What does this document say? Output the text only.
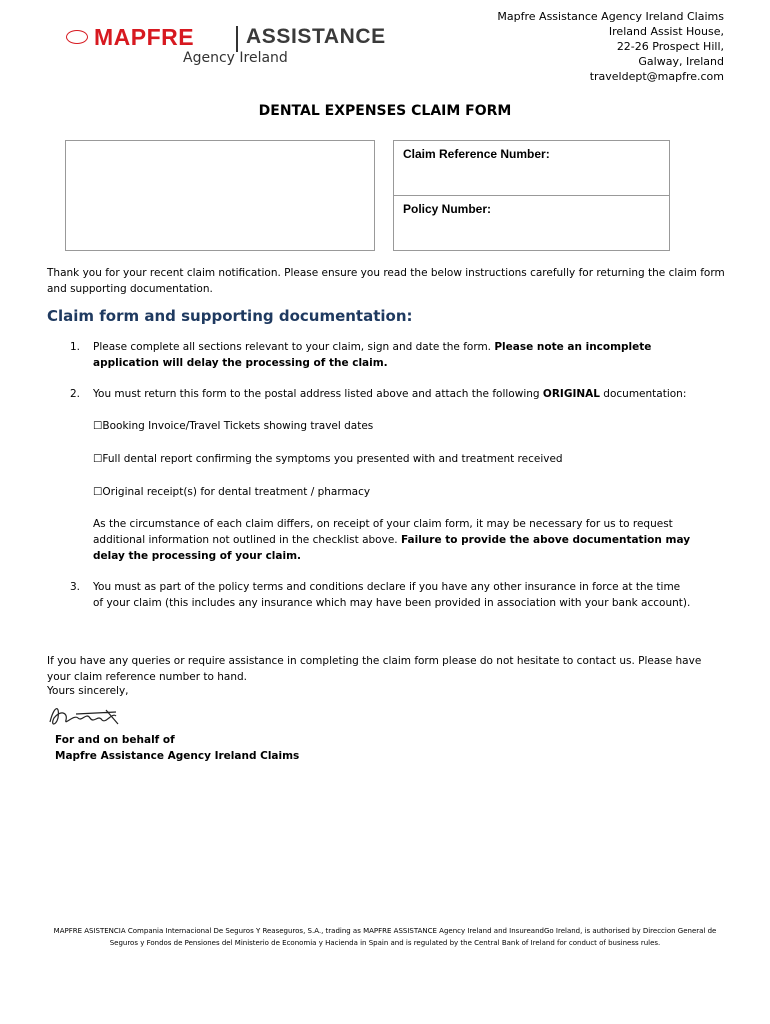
MAPFRE ASSISTANCE
Agency Ireland
Mapfre Assistance Agency Ireland Claims
Ireland Assist House,
22-26 Prospect Hill,
Galway, Ireland
traveldept@mapfre.com
DENTAL EXPENSES CLAIM FORM
Claim Reference Number:
Policy Number:

Thank you for your recent claim notification. Please ensure you read the below instructions carefully for returning the claim form and supporting documentation.

Claim form and supporting documentation:
1. Please complete all sections relevant to your claim, sign and date the form. Please note an incomplete application will delay the processing of the claim.
2. You must return this form to the postal address listed above and attach the following ORIGINAL documentation:
☐Booking Invoice/Travel Tickets showing travel dates
☐Full dental report confirming the symptoms you presented with and treatment received
☐Original receipt(s) for dental treatment / pharmacy
As the circumstance of each claim differs, on receipt of your claim form, it may be necessary for us to request additional information not outlined in the checklist above. Failure to provide the above documentation may delay the processing of your claim.
3. You must as part of the policy terms and conditions declare if you have any other insurance in force at the time of your claim (this includes any insurance which may have been provided in association with your bank account).

If you have any queries or require assistance in completing the claim form please do not hesitate to contact us. Please have your claim reference number to hand.

Yours sincerely,

For and on behalf of
Mapfre Assistance Agency Ireland Claims
MAPFRE ASISTENCIA Compania Internacional De Seguros Y Reaseguros, S.A., trading as MAPFRE ASSISTANCE Agency Ireland and InsureandGo Ireland, is authorised by Direccion General de Seguros y Fondos de Pensiones del Ministerio de Economia y Hacienda in Spain and is regulated by the Central Bank of Ireland for conduct of business rules.
